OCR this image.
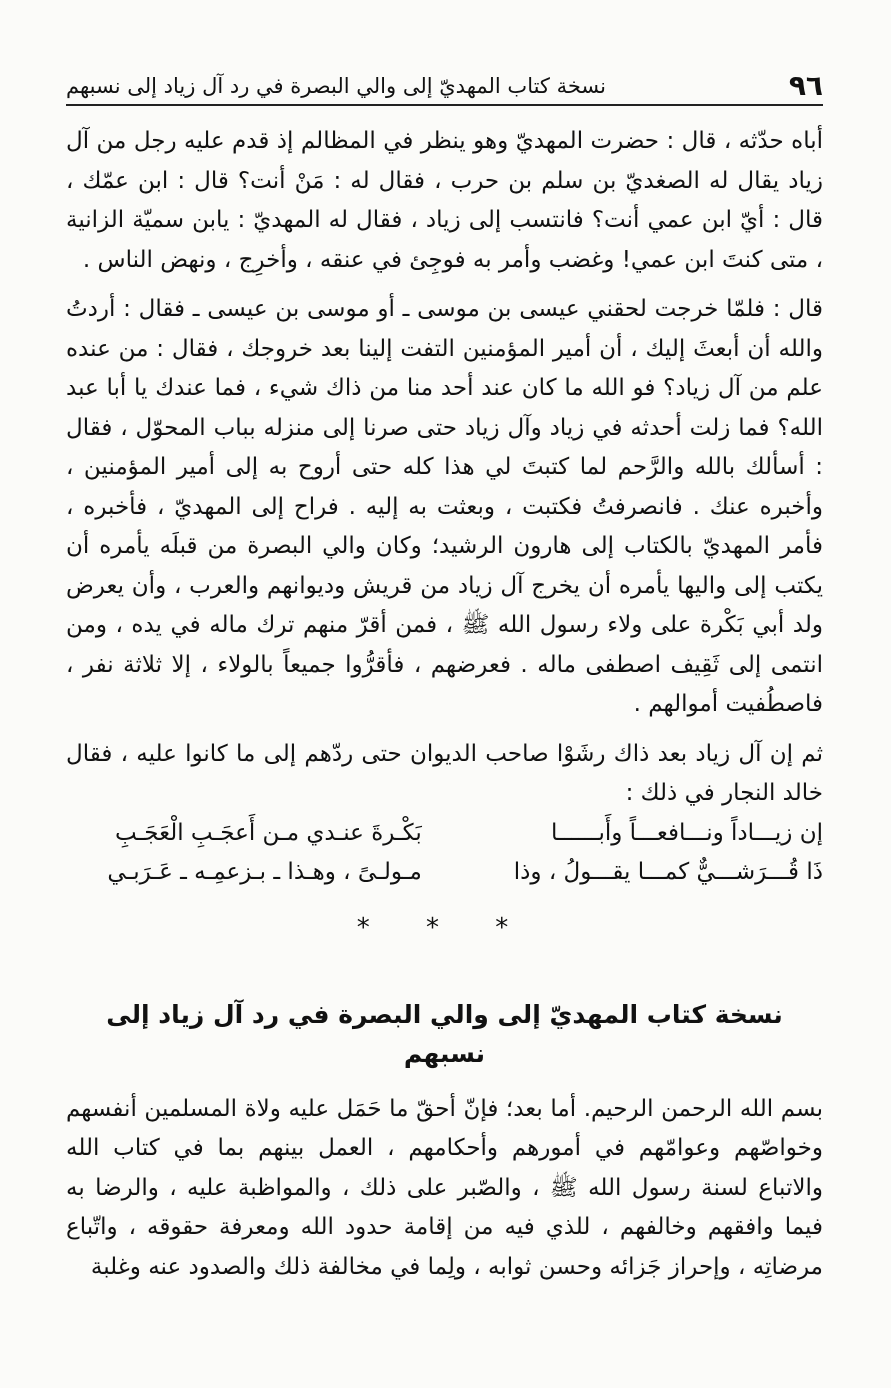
٩٦
نسخة كتاب المهديّ إلى والي البصرة في رد آل زياد إلى نسبهم

أباه حدّثه ، قال : حضرت المهديّ وهو ينظر في المظالم إذ قدم عليه رجل من آل زياد يقال له الصغديّ بن سلم بن حرب ، فقال له : مَنْ أنت؟ قال : ابن عمّك ، قال : أيّ ابن عمي أنت؟ فانتسب إلى زياد ، فقال له المهديّ : يابن سميّة الزانية ، متى كنتَ ابن عمي! وغضب وأمر به فوجِئ في عنقه ، وأخرِج ، ونهض الناس .

قال : فلمّا خرجت لحقني عيسى بن موسى ـ أو موسى بن عيسى ـ فقال : أردتُ والله أن أبعثَ إليك ، أن أمير المؤمنين التفت إلينا بعد خروجك ، فقال : من عنده علم من آل زياد؟ فو الله ما كان عند أحد منا من ذاك شيء ، فما عندك يا أبا عبد الله؟ فما زلت أحدثه في زياد وآل زياد حتى صرنا إلى منزله بباب المحوّل ، فقال : أسألك بالله والرَّحم لما كتبتَ لي هذا كله حتى أروح به إلى أمير المؤمنين ، وأخبره عنك . فانصرفتُ فكتبت ، وبعثت به إليه . فراح إلى المهديّ ، فأخبره ، فأمر المهديّ بالكتاب إلى هارون الرشيد؛ وكان والي البصرة من قبلَه يأمره أن يكتب إلى واليها يأمره أن يخرج آل زياد من قريش وديوانهم والعرب ، وأن يعرض ولد أبي بَكْرة على ولاء رسول الله ﷺ ، فمن أقرّ منهم ترك ماله في يده ، ومن انتمى إلى ثَقِيف اصطفى ماله . فعرضهم ، فأقرُّوا جميعاً بالولاء ، إلا ثلاثة نفر ، فاصطُفيت أموالهم .

ثم إن آل زياد بعد ذاك رشَوْا صاحب الديوان حتى ردّهم إلى ما كانوا عليه ، فقال خالد النجار في ذلك :

إن زيـــاداً ونـــافعـــاً وأَبــــــا
بَكْـرةَ عنـدي مـن أَعجَـبِ الْعَجَـبِ
ذَا قُـــرَشـــيٌّ كمـــا يقـــولُ ، وذا
مـولـىً ، وهـذا ـ بـزعمِـه ـ عَـرَبـي
* * *
نسخة كتاب المهديّ إلى والي البصرة في رد آل زياد إلى نسبهم

بسم الله الرحمن الرحيم. أما بعد؛ فإنّ أحقّ ما حَمَل عليه ولاة المسلمين أنفسهم وخواصّهم وعوامّهم في أمورهم وأحكامهم ، العمل بينهم بما في كتاب الله والاتباع لسنة رسول الله ﷺ ، والصّبر على ذلك ، والمواظبة عليه ، والرضا به فيما وافقهم وخالفهم ، للذي فيه من إقامة حدود الله ومعرفة حقوقه ، واتّباع مرضاتِه ، وإحراز جَزائه وحسن ثوابه ، ولِما في مخالفة ذلك والصدود عنه وغلبة
